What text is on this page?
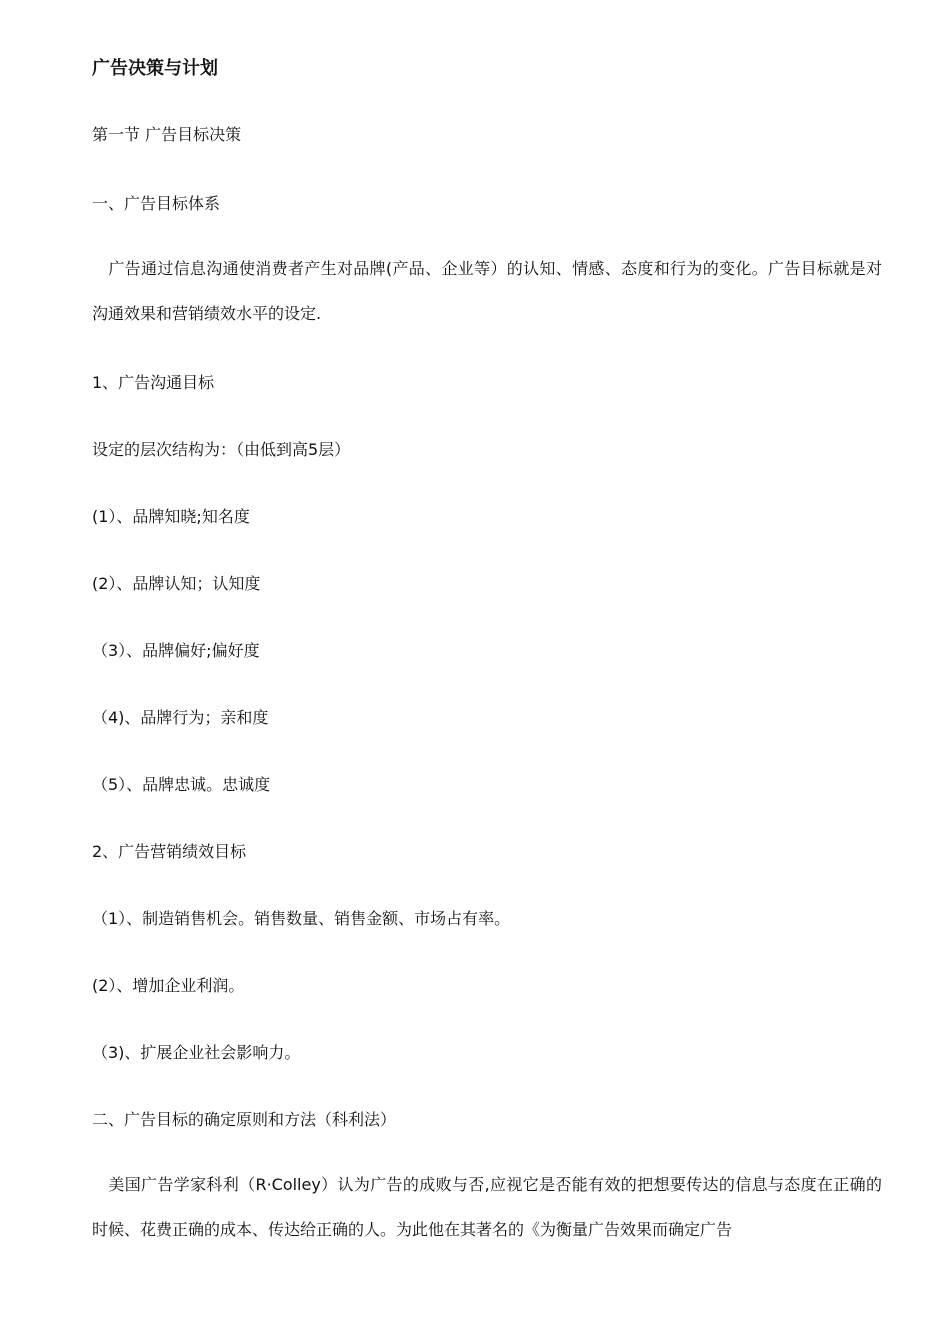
广告决策与计划
第一节 广告目标决策
一、广告目标体系
　广告通过信息沟通使消费者产生对品牌(产品、企业等）的认知、情感、态度和行为的变化。广告目标就是对沟通效果和营销绩效水平的设定.
1、广告沟通目标
设定的层次结构为：（由低到高5层）
(1）、品牌知晓;知名度
(2）、品牌认知；认知度
（3）、品牌偏好;偏好度
（4)、品牌行为；亲和度
（5）、品牌忠诚。忠诚度
2、广告营销绩效目标
（1）、制造销售机会。销售数量、销售金额、市场占有率。
(2）、增加企业利润。
（3)、扩展企业社会影响力。
二、广告目标的确定原则和方法（科利法）
　美国广告学家科利（R·Colley）认为广告的成败与否,应视它是否能有效的把想要传达的信息与态度在正确的时候、花费正确的成本、传达给正确的人。为此他在其著名的《为衡量广告效果而确定广告
